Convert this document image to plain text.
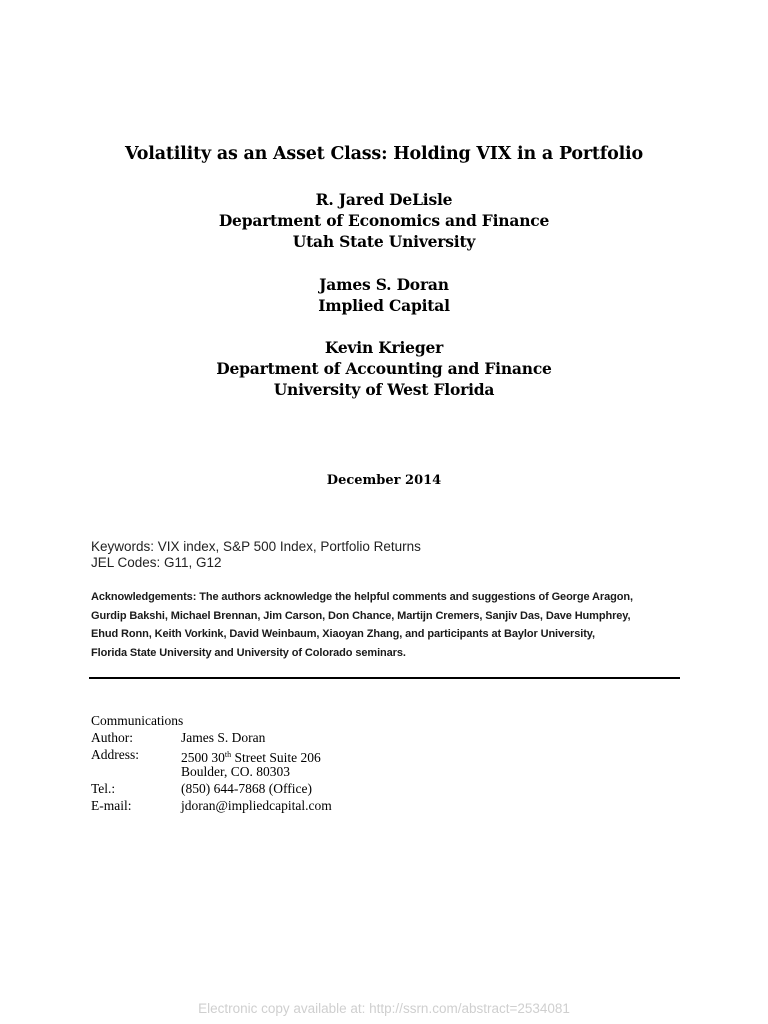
Volatility as an Asset Class: Holding VIX in a Portfolio
R. Jared DeLisle
Department of Economics and Finance
Utah State University
James S. Doran
Implied Capital
Kevin Krieger
Department of Accounting and Finance
University of West Florida
December 2014
Keywords: VIX index, S&P 500 Index, Portfolio Returns
JEL Codes: G11, G12
Acknowledgements: The authors acknowledge the helpful comments and suggestions of George Aragon,
Gurdip Bakshi, Michael Brennan, Jim Carson, Don Chance, Martijn Cremers, Sanjiv Das, Dave Humphrey,
Ehud Ronn, Keith Vorkink, David Weinbaum, Xiaoyan Zhang, and participants at Baylor University,
Florida State University and University of Colorado seminars.
Communications
Author:	James S. Doran
Address:	2500 30th Street Suite 206
Boulder, CO. 80303
Tel.:	(850) 644-7868 (Office)
E-mail:	jdoran@impliedcapital.com
Electronic copy available at: http://ssrn.com/abstract=2534081
